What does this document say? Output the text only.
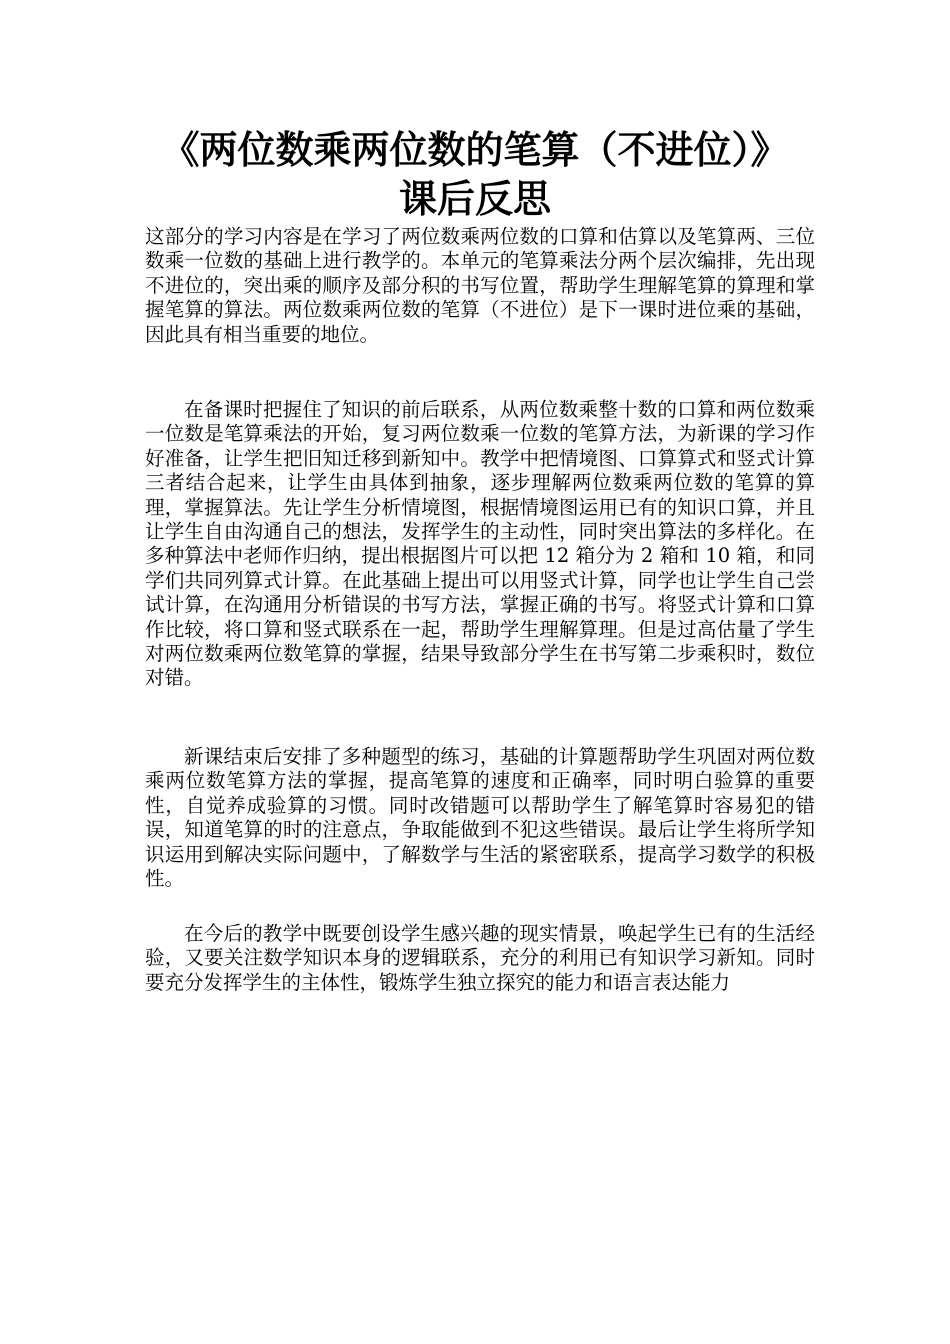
《两位数乘两位数的笔算（不进位）》
课后反思

这部分的学习内容是在学习了两位数乘两位数的口算和估算以及笔算两、三位数乘一位数的基础上进行教学的。本单元的笔算乘法分两个层次编排，先出现不进位的，突出乘的顺序及部分积的书写位置，帮助学生理解笔算的算理和掌握笔算的算法。两位数乘两位数的笔算（不进位）是下一课时进位乘的基础，因此具有相当重要的地位。

在备课时把握住了知识的前后联系，从两位数乘整十数的口算和两位数乘一位数是笔算乘法的开始，复习两位数乘一位数的笔算方法，为新课的学习作好准备，让学生把旧知迁移到新知中。教学中把情境图、口算算式和竖式计算三者结合起来，让学生由具体到抽象，逐步理解两位数乘两位数的笔算的算理，掌握算法。先让学生分析情境图，根据情境图运用已有的知识口算，并且让学生自由沟通自己的想法，发挥学生的主动性，同时突出算法的多样化。在多种算法中老师作归纳，提出根据图片可以把 12 箱分为 2 箱和 10 箱，和同学们共同列算式计算。在此基础上提出可以用竖式计算，同学也让学生自己尝试计算，在沟通用分析错误的书写方法，掌握正确的书写。将竖式计算和口算作比较，将口算和竖式联系在一起，帮助学生理解算理。但是过高估量了学生对两位数乘两位数笔算的掌握，结果导致部分学生在书写第二步乘积时，数位对错。

新课结束后安排了多种题型的练习，基础的计算题帮助学生巩固对两位数乘两位数笔算方法的掌握，提高笔算的速度和正确率，同时明白验算的重要性，自觉养成验算的习惯。同时改错题可以帮助学生了解笔算时容易犯的错误，知道笔算的时的注意点，争取能做到不犯这些错误。最后让学生将所学知识运用到解决实际问题中，了解数学与生活的紧密联系，提高学习数学的积极性。

在今后的教学中既要创设学生感兴趣的现实情景，唤起学生已有的生活经验，又要关注数学知识本身的逻辑联系，充分的利用已有知识学习新知。同时要充分发挥学生的主体性，锻炼学生独立探究的能力和语言表达能力
